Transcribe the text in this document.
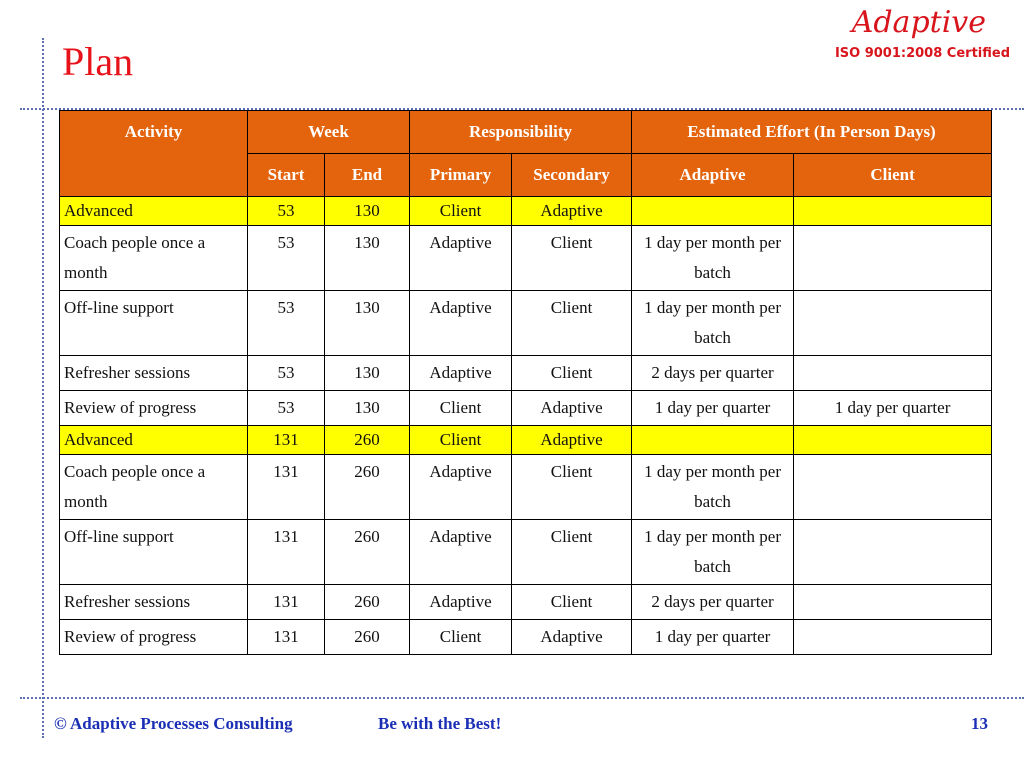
Plan
Adaptive
ISO 9001:2008 Certified
Activity	Week		Responsibility		Estimated Effort (In Person Days)	
	Start	End	Primary	Secondary	Adaptive	Client
Advanced	53	130	Client	Adaptive		
Coach people once a month	53	130	Adaptive	Client	1 day per month per batch	
Off-line support	53	130	Adaptive	Client	1 day per month per batch	
Refresher sessions	53	130	Adaptive	Client	2 days per quarter	
Review of progress	53	130	Client	Adaptive	1 day per quarter	1 day per quarter
Advanced	131	260	Client	Adaptive		
Coach people once a month	131	260	Adaptive	Client	1 day per month per batch	
Off-line support	131	260	Adaptive	Client	1 day per month per batch	
Refresher sessions	131	260	Adaptive	Client	2 days per quarter	
Review of progress	131	260	Client	Adaptive	1 day per quarter	
© Adaptive Processes Consulting	Be with the Best!	13
